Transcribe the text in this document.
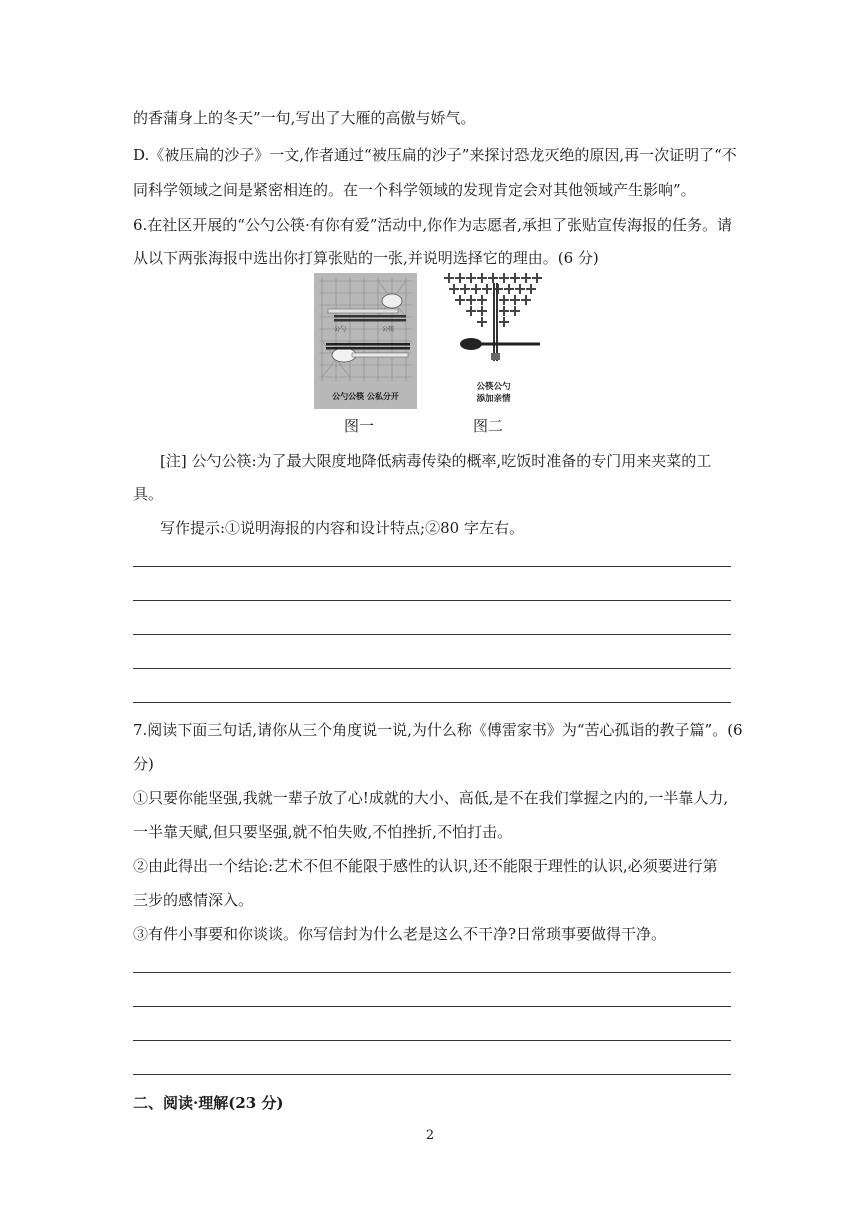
的香蒲身上的冬天”一句,写出了大雁的高傲与娇气。
D.《被压扁的沙子》一文,作者通过“被压扁的沙子”来探讨恐龙灭绝的原因,再一次证明了“不
同科学领域之间是紧密相连的。在一个科学领域的发现肯定会对其他领域产生影响”。
6.在社区开展的“公勺公筷·有你有爱”活动中,你作为志愿者,承担了张贴宣传海报的任务。请
从以下两张海报中选出你打算张贴的一张,并说明选择它的理由。(6 分)
公勺	公筷
公勺公筷 公私分开
图一
公筷公勺
添加亲情
图二
[注] 公勺公筷:为了最大限度地降低病毒传染的概率,吃饭时准备的专门用来夹菜的工
具。
写作提示:①说明海报的内容和设计特点;②80 字左右。
7.阅读下面三句话,请你从三个角度说一说,为什么称《傅雷家书》为“苦心孤诣的教子篇”。(6
分)
①只要你能坚强,我就一辈子放了心!成就的大小、高低,是不在我们掌握之内的,一半靠人力,
一半靠天赋,但只要坚强,就不怕失败,不怕挫折,不怕打击。
②由此得出一个结论:艺术不但不能限于感性的认识,还不能限于理性的认识,必须要进行第
三步的感情深入。
③有件小事要和你谈谈。你写信封为什么老是这么不干净?日常琐事要做得干净。
二、阅读·理解(23 分)
2
